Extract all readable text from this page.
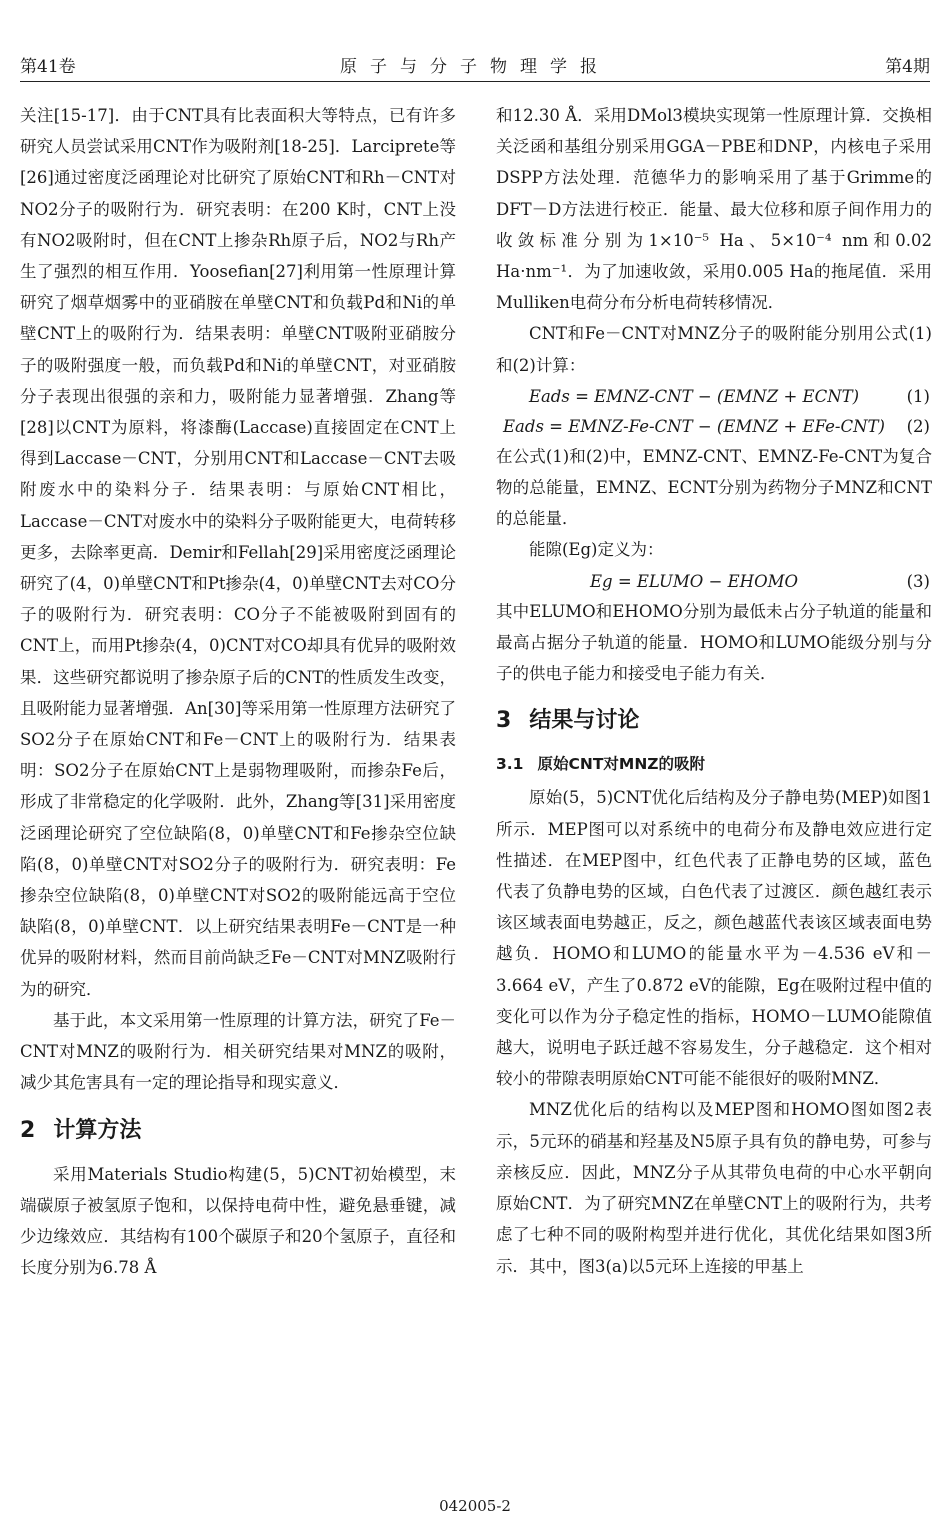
第41卷	原子与分子物理学报	第4期

关注[15-17]．由于CNT具有比表面积大等特点，已有许多研究人员尝试采用CNT作为吸附剂[18-25]．Larciprete等[26]通过密度泛函理论对比研究了原始CNT和Rh－CNT对NO2分子的吸附行为．研究表明：在200 K时，CNT上没有NO2吸附时，但在CNT上掺杂Rh原子后，NO2与Rh产生了强烈的相互作用．Yoosefian[27]利用第一性原理计算研究了烟草烟雾中的亚硝胺在单壁CNT和负载Pd和Ni的单壁CNT上的吸附行为．结果表明：单壁CNT吸附亚硝胺分子的吸附强度一般，而负载Pd和Ni的单壁CNT，对亚硝胺分子表现出很强的亲和力，吸附能力显著增强．Zhang等[28]以CNT为原料，将漆酶(Laccase)直接固定在CNT上得到Laccase－CNT，分别用CNT和Laccase－CNT去吸附废水中的染料分子．结果表明：与原始CNT相比，Laccase－CNT对废水中的染料分子吸附能更大，电荷转移更多，去除率更高．Demir和Fellah[29]采用密度泛函理论研究了(4，0)单壁CNT和Pt掺杂(4，0)单壁CNT去对CO分子的吸附行为．研究表明：CO分子不能被吸附到固有的CNT上，而用Pt掺杂(4，0)CNT对CO却具有优异的吸附效果．这些研究都说明了掺杂原子后的CNT的性质发生改变，且吸附能力显著增强．An[30]等采用第一性原理方法研究了SO2分子在原始CNT和Fe－CNT上的吸附行为．结果表明：SO2分子在原始CNT上是弱物理吸附，而掺杂Fe后，形成了非常稳定的化学吸附．此外，Zhang等[31]采用密度泛函理论研究了空位缺陷(8，0)单壁CNT和Fe掺杂空位缺陷(8，0)单壁CNT对SO2分子的吸附行为．研究表明：Fe掺杂空位缺陷(8，0)单壁CNT对SO2的吸附能远高于空位缺陷(8，0)单壁CNT．以上研究结果表明Fe－CNT是一种优异的吸附材料，然而目前尚缺乏Fe－CNT对MNZ吸附行为的研究．

基于此，本文采用第一性原理的计算方法，研究了Fe－CNT对MNZ的吸附行为．相关研究结果对MNZ的吸附，减少其危害具有一定的理论指导和现实意义．

2 计算方法

采用Materials Studio构建(5，5)CNT初始模型，末端碳原子被氢原子饱和，以保持电荷中性，避免悬垂键，减少边缘效应．其结构有100个碳原子和20个氢原子，直径和长度分别为6.78 Å

和12.30 Å．采用DMol3模块实现第一性原理计算．交换相关泛函和基组分别采用GGA－PBE和DNP，内核电子采用DSPP方法处理．范德华力的影响采用了基于Grimme的DFT－D方法进行校正．能量、最大位移和原子间作用力的收敛标准分别为1×10⁻⁵ Ha、5×10⁻⁴ nm和0.02 Ha·nm⁻¹．为了加速收敛，采用0.005 Ha的拖尾值．采用Mulliken电荷分布分析电荷转移情况．

CNT和Fe－CNT对MNZ分子的吸附能分别用公式(1)和(2)计算：

Eads = EMNZ-CNT − (EMNZ + ECNT)	(1)
Eads = EMNZ-Fe-CNT − (EMNZ + EFe-CNT)	(2)

在公式(1)和(2)中，EMNZ-CNT、EMNZ-Fe-CNT为复合物的总能量，EMNZ、ECNT分别为药物分子MNZ和CNT的总能量．

能隙(Eg)定义为：

Eg = ELUMO − EHOMO	(3)

其中ELUMO和EHOMO分别为最低未占分子轨道的能量和最高占据分子轨道的能量．HOMO和LUMO能级分别与分子的供电子能力和接受电子能力有关．

3 结果与讨论
3.1 原始CNT对MNZ的吸附

原始(5，5)CNT优化后结构及分子静电势(MEP)如图1所示．MEP图可以对系统中的电荷分布及静电效应进行定性描述．在MEP图中，红色代表了正静电势的区域，蓝色代表了负静电势的区域，白色代表了过渡区．颜色越红表示该区域表面电势越正，反之，颜色越蓝代表该区域表面电势越负．HOMO和LUMO的能量水平为－4.536 eV和－3.664 eV，产生了0.872 eV的能隙，Eg在吸附过程中值的变化可以作为分子稳定性的指标，HOMO－LUMO能隙值越大，说明电子跃迁越不容易发生，分子越稳定．这个相对较小的带隙表明原始CNT可能不能很好的吸附MNZ．

MNZ优化后的结构以及MEP图和HOMO图如图2表示，5元环的硝基和羟基及N5原子具有负的静电势，可参与亲核反应．因此，MNZ分子从其带负电荷的中心水平朝向原始CNT．为了研究MNZ在单壁CNT上的吸附行为，共考虑了七种不同的吸附构型并进行优化，其优化结果如图3所示．其中，图3(a)以5元环上连接的甲基上

042005-2
